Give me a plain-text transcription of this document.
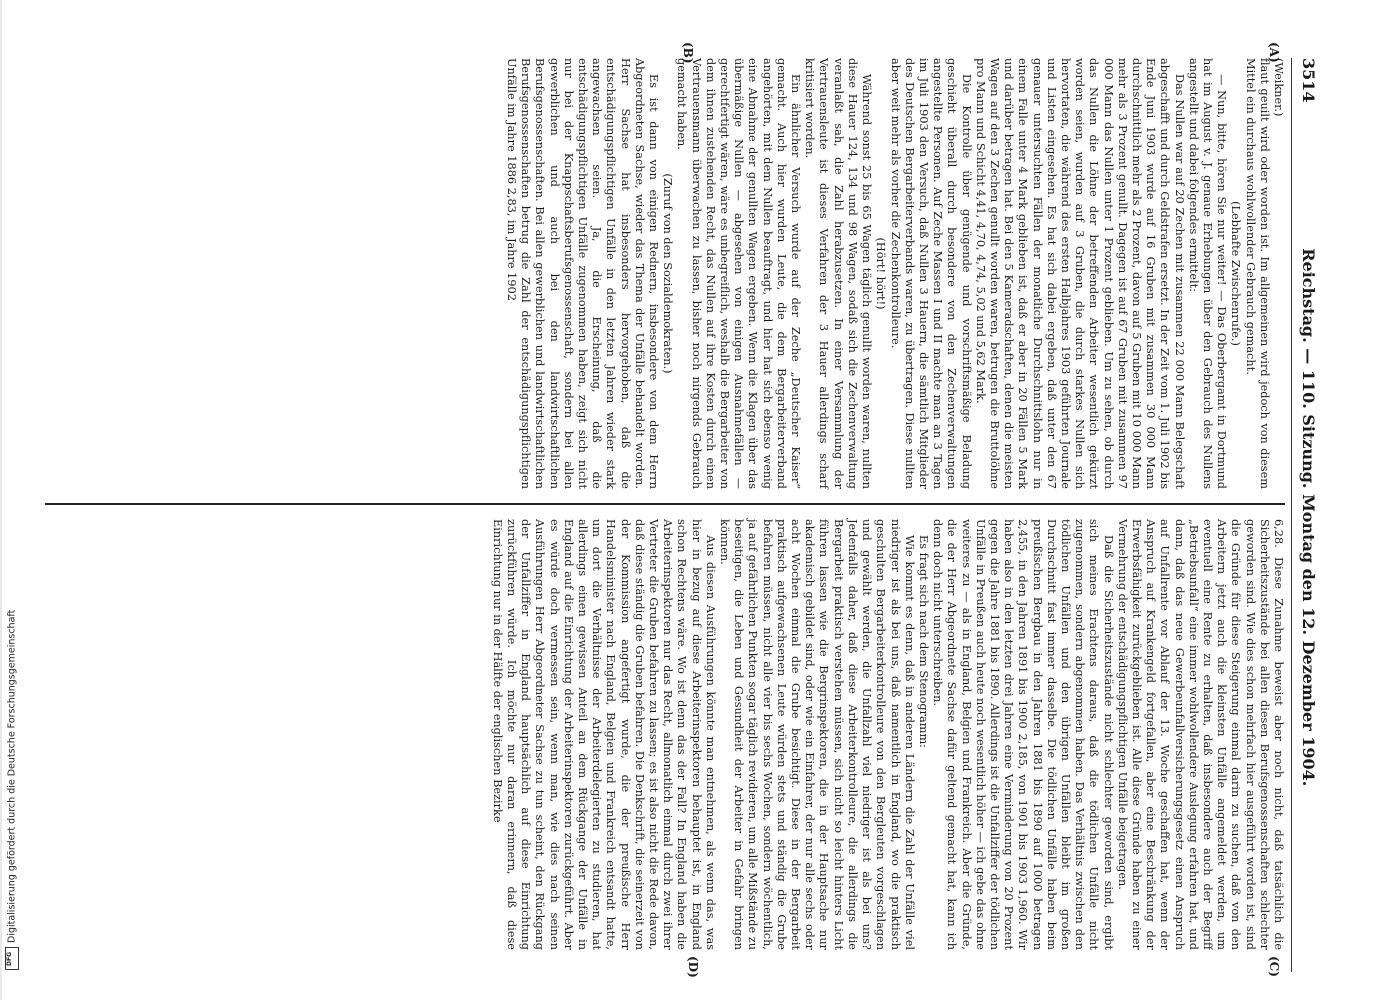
3514
Reichstag. — 110. Sitzung. Montag den 12. Dezember 1904.
(A)
(B)
(C)
(D)

(Weikner.)

flaut geuilt wird oder worden ist. Im allgemeinen wird jedoch von diesem Mittel ein durchaus wohlwollender Gebrauch gemacht.

(Lebhafte Zwischenrufe.)

— Nun, bitte, hören Sie nur weiter! — Das Oberbergamt in Dortmund hat im August v. J. genaue Erhebungen über den Gebrauch des Nullens angestellt und dabei folgendes ermittelt:

Das Nullen war auf 20 Zechen mit zusammen 22 000 Mann Belegschaft abgeschafft und durch Geldstrafen ersetzt. In der Zeit vom 1. Juli 1902 bis Ende Juni 1903 wurde auf 16 Gruben mit zusammen 30 000 Mann durchschnittlich mehr als 2 Prozent, davon auf 5 Gruben mit 10 000 Mann mehr als 3 Prozent genullt. Dagegen ist auf 67 Gruben mit zusammen 97 000 Mann das Nullen unter 1 Prozent geblieben. Um zu sehen, ob durch das Nullen die Löhne der betreffenden Arbeiter wesentlich gekürzt worden seien, wurden auf 3 Gruben, die durch starkes Nullen sich hervortaten, die während des ersten Halbjahres 1903 geführten Journale und Listen eingesehen. Es hat sich dabei ergeben, daß unter den 67 genauer untersuchten Fällen der monatliche Durchschnittslohn nur in einem Falle unter 4 Mark geblieben ist, daß er aber in 20 Fällen 5 Mark und darüber betragen hat. Bei den 5 Kameradschaften, denen die meisten Wagen auf den 3 Zechen genullt worden waren, betrugen die Bruttolöhne pro Mann und Schicht 4,41, 4,70, 4,74, 5,02 und 5,62 Mark.

Die Kontrolle über genügende und vorschriftsmäßige Beladung geschieht überall durch besondere von den Zechenverwaltungen angestellte Personen. Auf Zeche Massen I und II machte man an 3 Tagen im Juli 1903 den Versuch, daß Nullen 3 Hauern, die sämtlich Mitglieder des Deutschen Bergarbeiterverbands waren, zu übertragen. Diese nullten aber weit mehr als vorher die Zechenkontrolleure.

(Hört! hört!)

Während sonst 25 bis 65 Wagen täglich genullt worden waren, nullten diese Hauer 124, 134 und 98 Wagen, sodaß sich die Zechenverwaltung veranlaßt sah, die Zahl herabzusetzen. In einer Versammlung der Vertrauensleute ist dieses Verfahren der 3 Hauer allerdings scharf kritisiert worden.

Ein ähnlicher Versuch wurde auf der Zeche „Deutscher Kaiser“ gemacht. Auch hier wurden Leute, die dem Bergarbeiterverband angehörten, mit dem Nullen beauftragt, und hier hat sich ebenso wenig eine Abnahme der genullten Wagen ergeben. Wenn die Klagen über das übermäßige Nullen — abgesehen von einigen Ausnahmefällen — gerechtfertigt wären, wäre es unbegreiflich, weshalb die Bergarbeiter von dem ihnen zustehenden Recht, das Nullen auf ihre Kosten durch einen Vertrauensmann überwachen zu lassen, bisher noch nirgends Gebrauch gemacht haben.

(Zuruf von den Sozialdemokraten.)

Es ist dann von einigen Rednern, insbesondere von dem Herrn Abgeordneten Sachse, wieder das Thema der Unfälle behandelt worden. Herr Sachse hat insbesonders hervorgehoben, daß die entschädigungspflichtigen Unfälle in den letzten Jahren wieder stark angewachsen seien. Ja, die Erscheinung, daß die entschädigungspflichtigen Unfälle zugenommen haben, zeigt sich nicht nur bei der Knappschaftsberufsgenossenschaft, sondern bei allen gewerblichen und auch bei den landwirtschaftlichen Berufsgenossenschaften. Bei allen gewerblichen und landwirtschaftlichen Berufsgenossenschaften betrug die Zahl der entschädigungspflichtigen Unfälle im Jahre 1886 2,83, im Jahre 1902

6,28. Diese Zunahme beweist aber noch nicht, daß tatsächlich die Sicherheitszustände bei allen diesen Berufsgenossenschaften schlechter geworden sind. Wie dies schon mehrfach hier ausgeführt worden ist, sind die Gründe für diese Steigerung einmal darin zu suchen, daß von den Arbeitern jetzt auch die kleinsten Unfälle angemeldet werden, um eventuell eine Rente zu erhalten, daß insbesondere auch der Begriff „Betriebsunfall“ eine immer wohlwollendere Auslegung erfahren hat, und dann, daß das neue Gewerbeunfallversicherungsgesetz einen Anspruch auf Unfallrente vor Ablauf der 13. Woche geschaffen hat, wenn der Anspruch auf Krankengeld fortgefallen, aber eine Beschränkung der Erwerbsfähigkeit zurückgeblieben ist. Alle diese Gründe haben zu einer Vermehrung der entschädigungspflichtigen Unfälle beigetragen.

Daß die Sicherheitszustände nicht schlechter geworden sind, ergibt sich meines Erachtens daraus, daß die tödlichen Unfälle nicht zugenommen, sondern abgenommen haben. Das Verhältnis zwischen den tödlichen Unfällen und den übrigen Unfällen bleibt im großen Durchschnitt fast immer dasselbe. Die tödlichen Unfälle haben beim preußischen Bergbau in den Jahren 1881 bis 1890 auf 1000 betragen 2,455, in den Jahren 1891 bis 1900 2,185, von 1901 bis 1903 1,960. Wir haben also in den letzten drei Jahren eine Verminderung von 20 Prozent gegen die Jahre 1881 bis 1890. Allerdings ist die Unfallziffer der tödlichen Unfälle in Preußen auch heute noch wesentlich höher — ich gebe das ohne weiteres zu — als in England, Belgien und Frankreich. Aber die Gründe, die der Herr Abgeordnete Sachse dafür geltend gemacht hat, kann ich denn doch nicht unterschreiben.

Es fragt sich nach dem Stenogramm:

Wie kommt es denn, daß in anderen Ländern die Zahl der Unfälle viel niedriger ist als bei uns, daß namentlich in England, wo die praktisch geschulten Bergarbeiterkontrolleure von den Bergleuten vorgeschlagen und gewählt werden, die Unfallzahl viel niedriger ist als bei uns? Jedenfalls daher, daß diese Arbeiterkontrolleure, die allerdings die Bergarbeit praktisch verstehen müssen, sich nicht so leicht hinters Licht führen lassen wie die Bergrinspektoren, die in der Hauptsache nur akademisch gebildet sind, oder wie ein Einfahrer, der nur alle sechs oder acht Wochen einmal die Grube besichtigt. Diese in der Bergarbeit praktisch aufgewachsenen Leute würden stets und ständig die Grube befahren müssen, nicht alle vier bis sechs Wochen, sondern wöchentlich, ja auf gefährlichen Punkten sogar täglich revidieren, um alle Mißstände zu beseitigen, die Leben und Gesundheit der Arbeiter in Gefahr bringen können.

Aus diesen Ausführungen könnte man entnehmen, als wenn das, was hier in bezug auf diese Arbeiterinspektoren behauptet ist, in England schon Rechtens wäre. Wo ist denn das der Fall? In England haben die Arbeiterinspektoren nur das Recht, allmonatlich einmal durch zwei ihrer Vertreter die Gruben befahren zu lassen; es ist also nicht die Rede davon, daß diese ständig die Gruben befahren. Die Denkschrift, die seinerzeit von der Kommission angefertigt wurde, die der preußische Herr Handelsminister nach England, Belgien und Frankreich entsandt hatte, um dort die Verhältnisse der Arbeiterdelegierten zu studieren, hat allerdings einen gewissen Anteil an dem Rückgange der Unfälle in England auf die Einrichtung der Arbeiterinspektoren zurückgeführt. Aber es würde doch vermessen sein, wenn man, wie dies nach seinen Ausführungen Herr Abgeordneter Sachse zu tun scheint, den Rückgang der Unfallziffer in England hauptsächlich auf diese Einrichtung zurückführen würde. Ich möchte nur daran erinnern, daß diese Einrichtung nur in der Hälfte der englischen Bezirke

DFG
Digitalisierung gefördert durch die Deutsche Forschungsgemeinschaft
